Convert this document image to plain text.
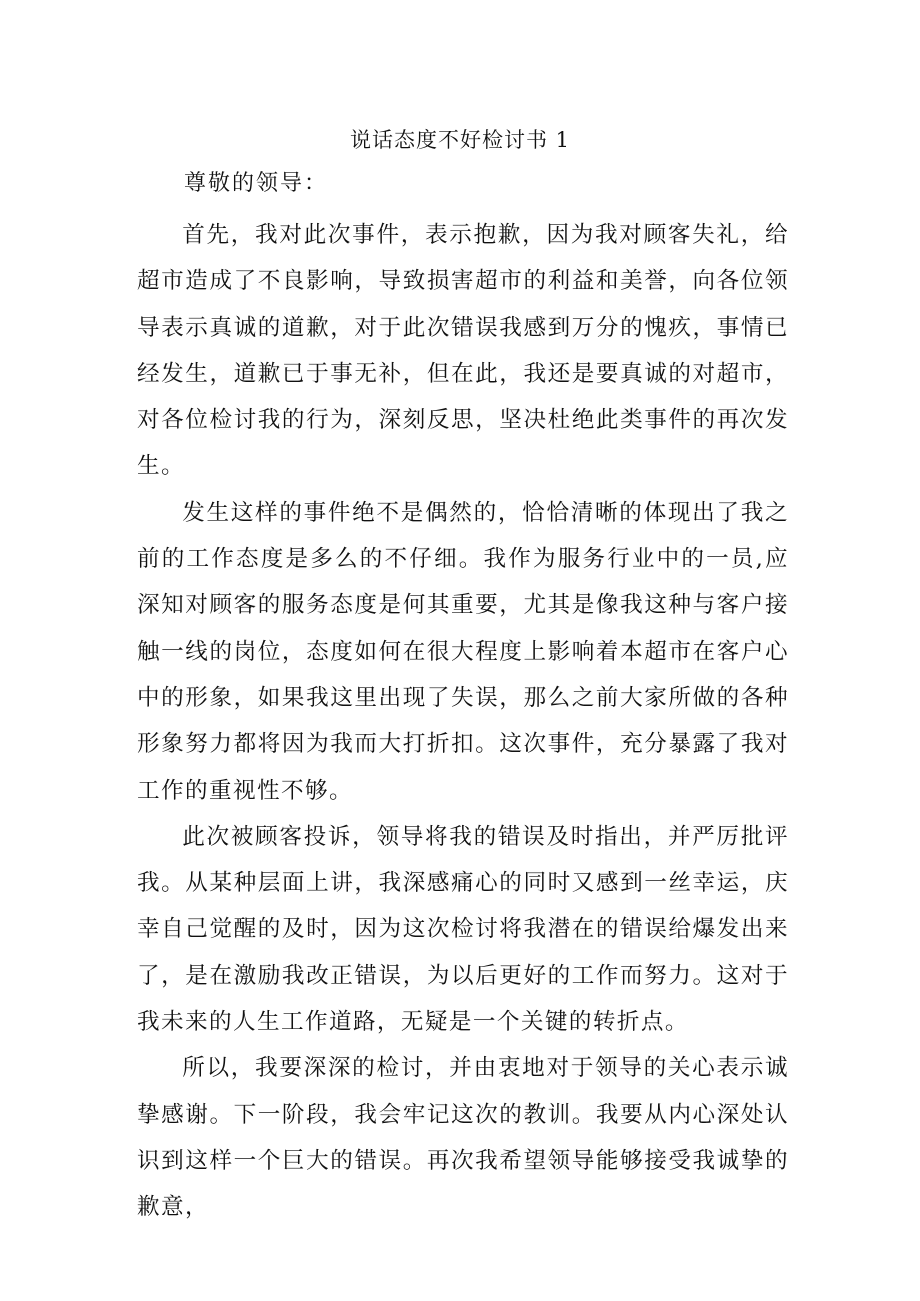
说话态度不好检讨书 1
尊敬的领导：

首先，我对此次事件，表示抱歉，因为我对顾客失礼，给超市造成了不良影响，导致损害超市的利益和美誉，向各位领导表示真诚的道歉，对于此次错误我感到万分的愧疚，事情已经发生，道歉已于事无补，但在此，我还是要真诚的对超市，对各位检讨我的行为，深刻反思，坚决杜绝此类事件的再次发生。

发生这样的事件绝不是偶然的，恰恰清晰的体现出了我之前的工作态度是多么的不仔细。我作为服务行业中的一员,应深知对顾客的服务态度是何其重要，尤其是像我这种与客户接触一线的岗位，态度如何在很大程度上影响着本超市在客户心中的形象，如果我这里出现了失误，那么之前大家所做的各种形象努力都将因为我而大打折扣。这次事件，充分暴露了我对工作的重视性不够。

此次被顾客投诉，领导将我的错误及时指出，并严厉批评我。从某种层面上讲，我深感痛心的同时又感到一丝幸运，庆幸自己觉醒的及时，因为这次检讨将我潜在的错误给爆发出来了，是在激励我改正错误，为以后更好的工作而努力。这对于我未来的人生工作道路，无疑是一个关键的转折点。

所以，我要深深的检讨，并由衷地对于领导的关心表示诚挚感谢。下一阶段，我会牢记这次的教训。我要从内心深处认识到这样一个巨大的错误。再次我希望领导能够接受我诚挚的歉意，
